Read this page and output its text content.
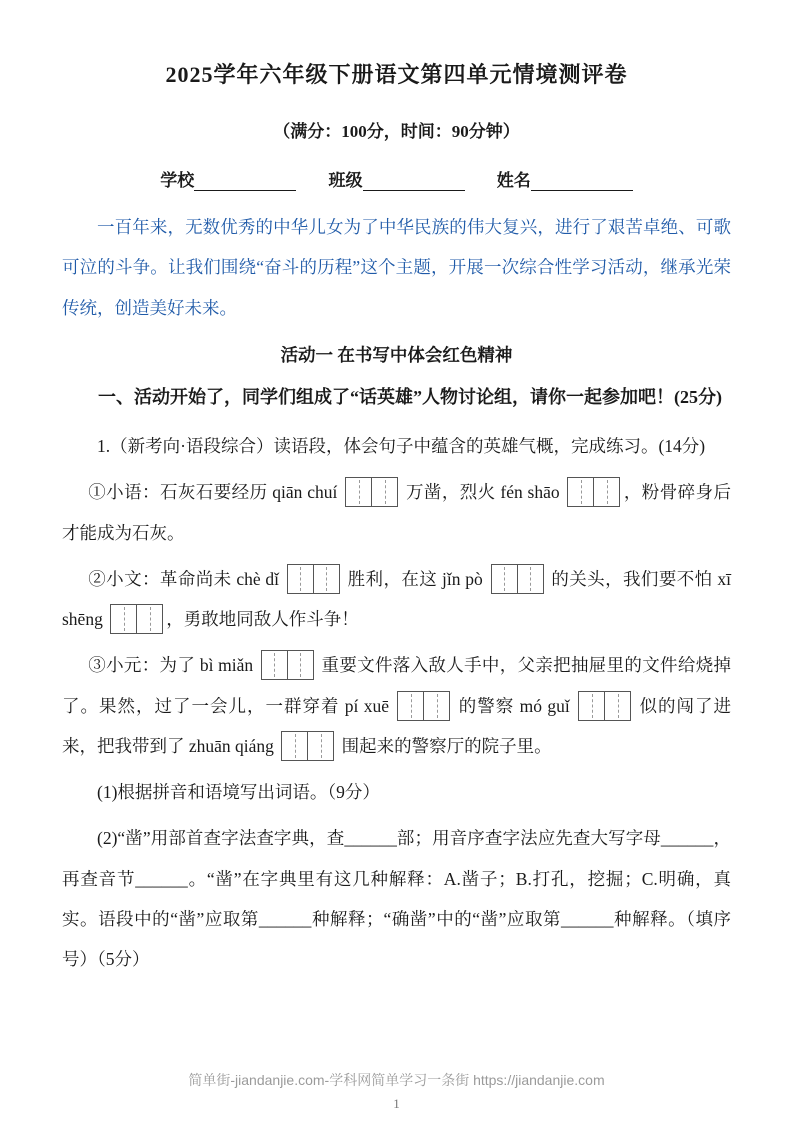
2025学年六年级下册语文第四单元情境测评卷
（满分：100分，时间：90分钟）
学校	班级	姓名

一百年来，无数优秀的中华儿女为了中华民族的伟大复兴，进行了艰苦卓绝、可歌可泣的斗争。让我们围绕“奋斗的历程”这个主题，开展一次综合性学习活动，继承光荣传统，创造美好未来。

活动一 在书写中体会红色精神

一、活动开始了，同学们组成了“话英雄”人物讨论组，请你一起参加吧！(25分)

1.（新考向·语段综合）读语段，体会句子中蕴含的英雄气概，完成练习。(14分)

①小语：石灰石要经历 qiān chuí	万凿，烈火 fén shāo	，粉骨碎身后才能成为石灰。

②小文：革命尚未 chè dǐ	胜利，在这 jǐn pò	的关头，我们要不怕 xī shēng	，勇敢地同敌人作斗争！

③小元：为了 bì miǎn	重要文件落入敌人手中，父亲把抽屉里的文件给烧掉了。果然，过了一会儿，一群穿着 pí xuē	的警察 mó guǐ	似的闯了进来，把我带到了 zhuān qiáng	围起来的警察厅的院子里。

(1)根据拼音和语境写出词语。（9分）

(2)“凿”用部首查字法查字典，查______部；用音序查字法应先查大写字母______，再查音节______。“凿”在字典里有这几种解释：A.凿子；B.打孔，挖掘；C.明确，真实。语段中的“凿”应取第______种解释；“确凿”中的“凿”应取第______种解释。（填序号）（5分）

简单街-jiandanjie.com-学科网简单学习一条街 https://jiandanjie.com
1
